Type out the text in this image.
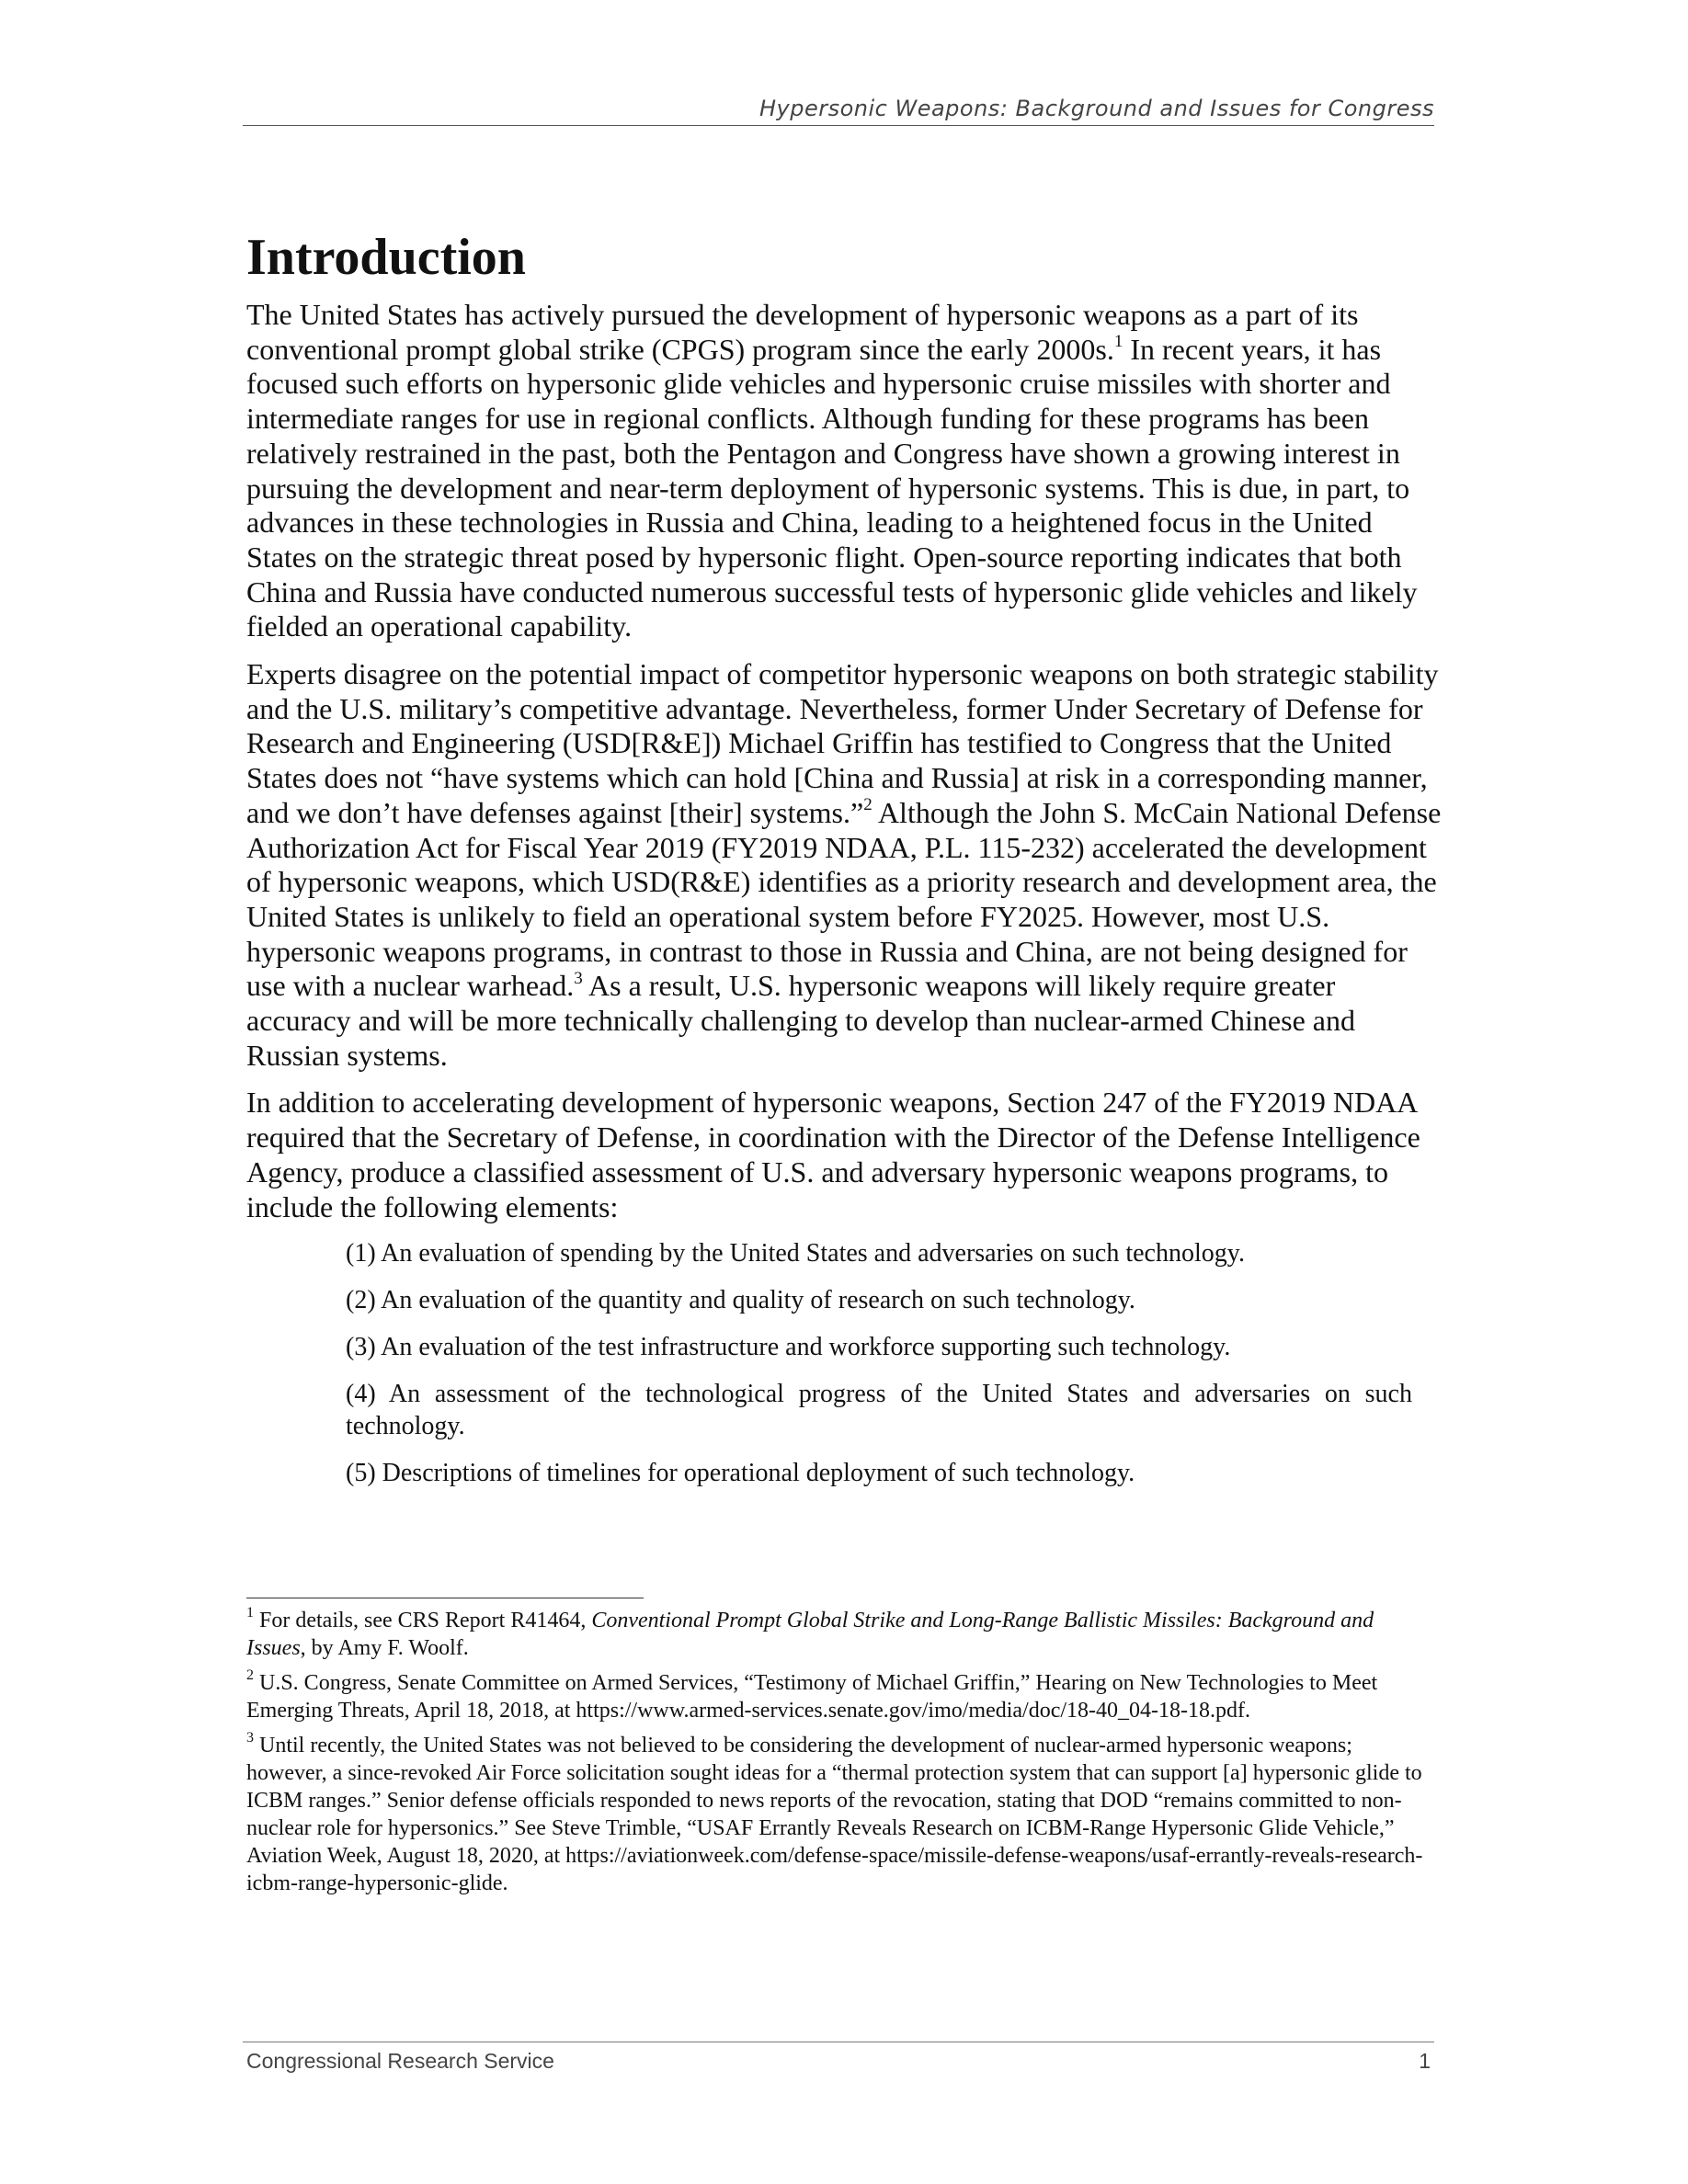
Hypersonic Weapons: Background and Issues for Congress
Introduction

The United States has actively pursued the development of hypersonic weapons as a part of its conventional prompt global strike (CPGS) program since the early 2000s.$^1$ In recent years, it has focused such efforts on hypersonic glide vehicles and hypersonic cruise missiles with shorter and intermediate ranges for use in regional conflicts. Although funding for these programs has been relatively restrained in the past, both the Pentagon and Congress have shown a growing interest in pursuing the development and near-term deployment of hypersonic systems. This is due, in part, to advances in these technologies in Russia and China, leading to a heightened focus in the United States on the strategic threat posed by hypersonic flight. Open-source reporting indicates that both China and Russia have conducted numerous successful tests of hypersonic glide vehicles and likely fielded an operational capability.

Experts disagree on the potential impact of competitor hypersonic weapons on both strategic stability and the U.S. military’s competitive advantage. Nevertheless, former Under Secretary of Defense for Research and Engineering (USD[R&E]) Michael Griffin has testified to Congress that the United States does not “have systems which can hold [China and Russia] at risk in a corresponding manner, and we don’t have defenses against [their] systems.”$^2$ Although the John S. McCain National Defense Authorization Act for Fiscal Year 2019 (FY2019 NDAA, P.L. 115-232) accelerated the development of hypersonic weapons, which USD(R&E) identifies as a priority research and development area, the United States is unlikely to field an operational system before FY2025. However, most U.S. hypersonic weapons programs, in contrast to those in Russia and China, are not being designed for use with a nuclear warhead.$^3$ As a result, U.S. hypersonic weapons will likely require greater accuracy and will be more technically challenging to develop than nuclear-armed Chinese and Russian systems.

In addition to accelerating development of hypersonic weapons, Section 247 of the FY2019 NDAA required that the Secretary of Defense, in coordination with the Director of the Defense Intelligence Agency, produce a classified assessment of U.S. and adversary hypersonic weapons programs, to include the following elements:

(1) An evaluation of spending by the United States and adversaries on such technology.
(2) An evaluation of the quantity and quality of research on such technology.
(3) An evaluation of the test infrastructure and workforce supporting such technology.
(4) An assessment of the technological progress of the United States and adversaries on such technology.
(5) Descriptions of timelines for operational deployment of such technology.

$^1$ For details, see CRS Report R41464, Conventional Prompt Global Strike and Long-Range Ballistic Missiles: Background and Issues, by Amy F. Woolf.

$^2$ U.S. Congress, Senate Committee on Armed Services, “Testimony of Michael Griffin,” Hearing on New Technologies to Meet Emerging Threats, April 18, 2018, at https://www.armed-services.senate.gov/imo/media/doc/18-40_04-18-18.pdf.

$^3$ Until recently, the United States was not believed to be considering the development of nuclear-armed hypersonic weapons; however, a since-revoked Air Force solicitation sought ideas for a “thermal protection system that can support [a] hypersonic glide to ICBM ranges.” Senior defense officials responded to news reports of the revocation, stating that DOD “remains committed to non-nuclear role for hypersonics.” See Steve Trimble, “USAF Errantly Reveals Research on ICBM-Range Hypersonic Glide Vehicle,” Aviation Week, August 18, 2020, at https://aviationweek.com/defense-space/missile-defense-weapons/usaf-errantly-reveals-research-icbm-range-hypersonic-glide.

Congressional Research Service	1
